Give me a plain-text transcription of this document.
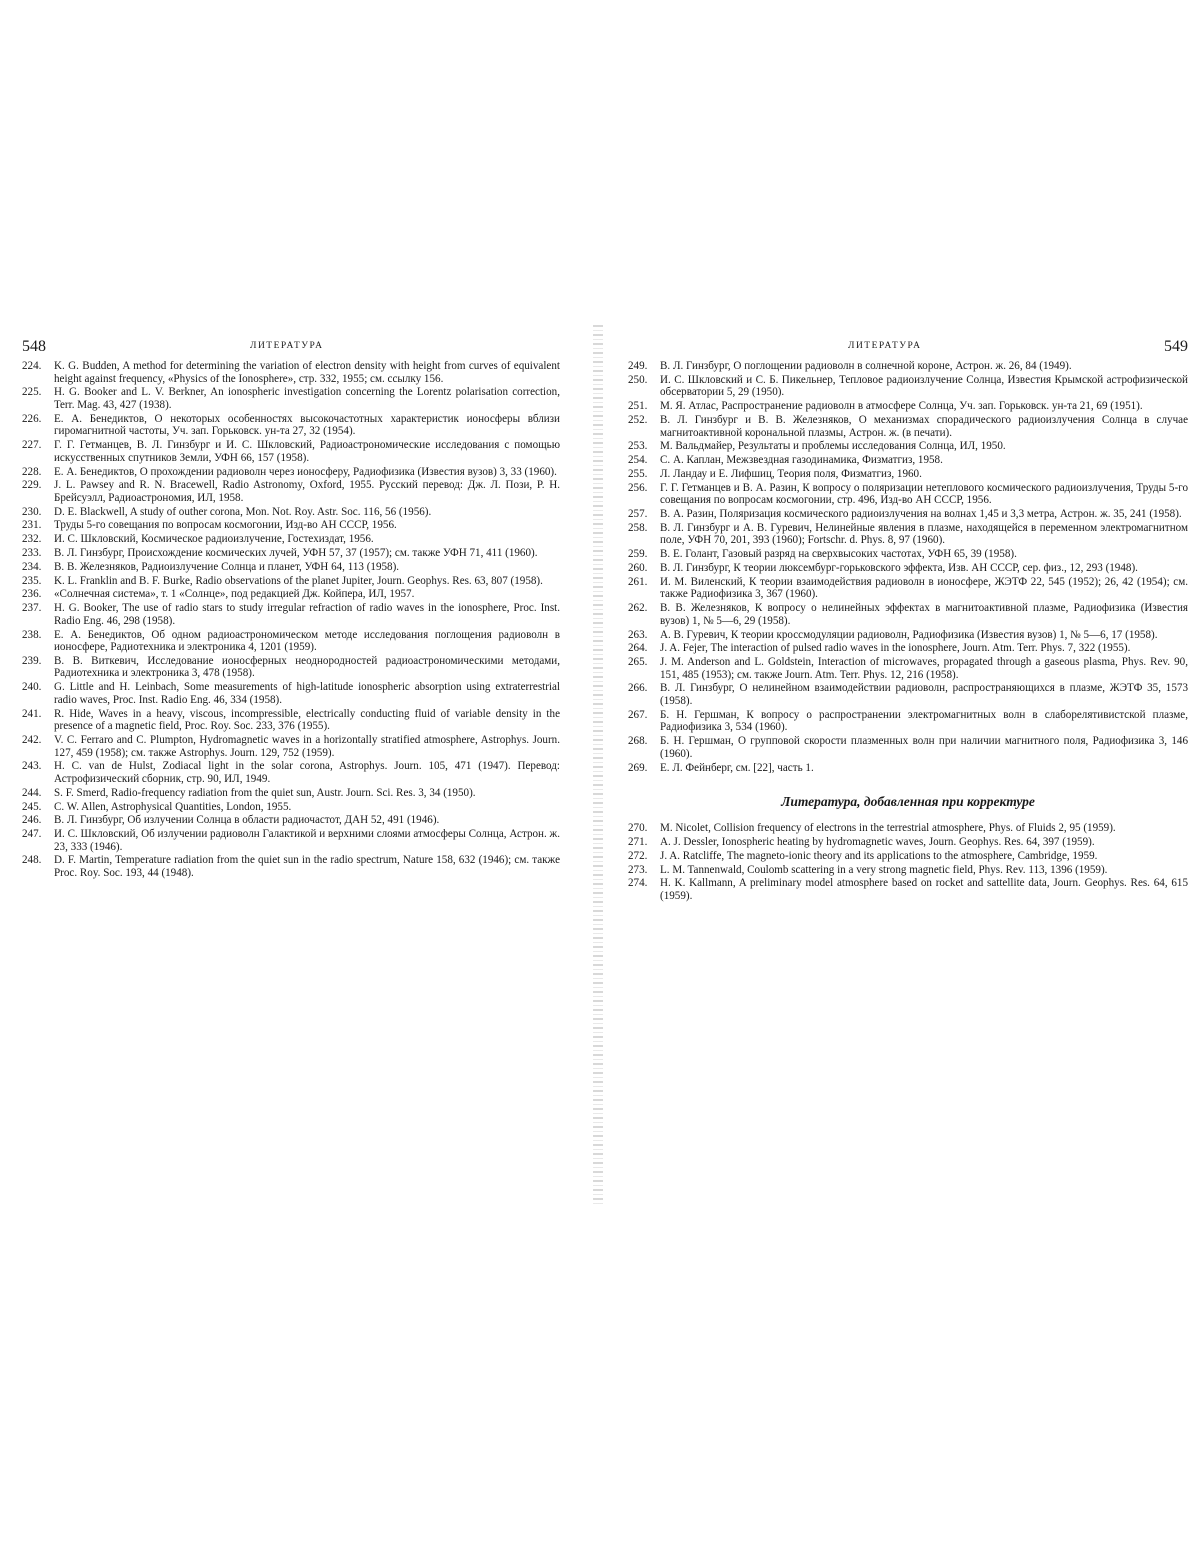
548	ЛИТЕРАТУРА
224.	K. G. Budden, A method for determining the variation of electron density with height from curves of equivalent height against frequency, «Physics of the Ionosphere», стр. 332, 1955; см. ссылку 156.
225.	H. G. Booker and L. V. Berkner, An ionospheric investigation concerning the Lorentz polarisation correction, Terr. Mag. 43, 427 (1938).
226.	Е. А. Бенедиктов, О некоторых особенностях высокочастотных характеристик ионосферы вблизи гиромагнитной частоты, Уч. зап. Горьковск. ун-та 27, 32 (1954).
227.	Г. Г. Гетманцев, В. Л. Гинзбург и И. С. Шкловский, Радиоастрономические исследования с помощью искусственных спутников Земли, УФН 66, 157 (1958).
228.	Е. А. Бенедиктов, О прохождении радиоволн через ионосферу, Радиофизика (Известия вузов) 3, 33 (1960).
229.	J. L. Pawsey and R. N. Bracewell, Radio Astronomy, Oxford, 1955. Русский перевод: Дж. Л. Пози, Р. Н. Брейсуэлл, Радиоастрономия, ИЛ, 1958.
230.	D. E. Blackwell, A study of outher corona, Mon. Not. Roy. Astr. Soc. 116, 56 (1956).
231.	Труды 5-го совещания по вопросам космогонии, Изд-во АН СССР, 1956.
232.	И. С. Шкловский, Космическое радиоизлучение, Гостехиздат, 1956.
233.	В. Л. Гинзбург, Происхождение космических лучей, УФН 57, 37 (1957); см. также УФН 71, 411 (1960).
234.	В. В. Железняков, Радиоизлучение Солнца и планет, УФН 64, 113 (1958).
235.	K. L. Franklin and B. F. Burke, Radio observations of the planet Jupiter, Journ. Geophys. Res. 63, 807 (1958).
236.	«Солнечная система», т. 1 «Солнце», под редакцией Дж. Койпера, ИЛ, 1957.
237.	H. G. Booker, The use of radio stars to study irregular refraction of radio waves in the ionosphere, Proc. Inst. Radio Eng. 46, 298 (1958).
238.	Е. А. Бенедиктов, Об одном радиоастрономическом методе исследования поглощения радиоволн в ионосфере, Радиотехника и электроника 4, 1201 (1959).
239.	В. В. Виткевич, Исследование ионосферных неоднородностей радиоастрономическими методами, Радиотехника и электроника 3, 478 (1958).
240.	G. Little and H. Leinbach, Some measurements of high-latitude ionospheric absorption using extraterrestrial radio waves, Proc. Inst. Radio Eng. 46, 334 (1958).
241.	R. Hide, Waves in a heavy, viscous, incompressible, electrically conducting fluid of variable density in the presence of a magnetic field, Proc. Roy. Soc. 233, 376 (1955).
242.	V. C. Ferraro and C. Plumpton, Hydromagnetic waves in a horizontally stratified atmosphere, Astrophys. Journ. 127, 459 (1958); см. также Astrophys. Journ. 129, 752 (1959).
243.	H. C. van de Hulst, Zodiacal light in the solar corona, Astrophys. Journ. 105, 471 (1947). Перевод: Астрофизический сборник, стр. 90, ИЛ, 1949.
244.	S. F. Smerd, Radio-frequency radiation from the quiet sun, Austr. Journ. Sci. Res. 3, 34 (1950).
245.	C. W. Allen, Astrophysical Quantities, London, 1955.
246.	В. Л. Гинзбург, Об излучении Солнца в области радиочастот, ДАН 52, 491 (1946).
247.	И. С. Шкловский, Об излучении радиоволн Галактикой и верхними слоями атмосферы Солнца, Астрон. ж. 23, 333 (1946).
248.	D. F. Martin, Temperature radiation from the quiet sun in the radio spectrum, Nature 158, 632 (1946); см. также Proc. Roy. Soc. 193, 44 (1948).
ЛИТЕРАТУРА	549
249.	В. Л. Гинзбург, О поглощении радиоволн в солнечной короне, Астрон. ж. 26, 84 (1949).
250.	И. С. Шкловский и С. Б. Пикельнер, Тепловое радиоизлучение Солнца, Известия Крымской астрофизической обсерватории 5, 29 (1950).
251.	М. Я. Атлас, Распространение радиоволн в атмосфере Солнца, Уч. зап. Горьковск. ун-та 21, 69 (1951).
252.	В. Л. Гинзбург и В. В. Железняков, О механизмах спорадического радиоизлучения Солнца в случае магнитоактивной корональной плазмы, Астрон. ж. (в печати).
253.	М. Вальдмайер, Результаты и проблемы исследования Солнца, ИЛ, 1950.
254.	С. А. Каплан, Межзвездная газодинамика, Физматгиз, 1958.
255.	Л. Ландау и Е. Лифшиц, Теория поля, Физматгиз, 1960.
256.	Г. Г. Гетманцев и В. А. Разин, К вопросу о поляризации нетеплового космического радиоизлучения, Труды 5-го совещания по вопросам космогонии, стр. 496, Изд-во АН СССР, 1956.
257.	В. А. Разин, Поляризация космического радиоизлучения на волнах 1,45 и 3,3 метра, Астрон. ж. 35, 241 (1958).
258.	В. Л. Гинзбург и А. В. Гуревич, Нелинейные явления в плазме, находящейся в переменном электромагнитном поле, УФН 70, 201, 393 (1960); Fortschr. d. Phys. 8, 97 (1960).
259.	В. Е. Голант, Газовый разряд на сверхвысоких частотах, УФН 65, 39 (1958).
260.	В. Л. Гинзбург, К теории люксембург-горьковского эффекта, Изв. АН СССР, сер. физ., 12, 293 (1948).
261.	И. М. Виленский, К теории взаимодействия радиоволн в ионосфере, ЖЭТФ 22, 545 (1952); 26, 42 (1954); см. также Радиофизика 3, 367 (1960).
262.	В. В. Железняков, К вопросу о нелинейных эффектах в магнитоактивной плазме, Радиофизика (Известия вузов) 1, № 5—6, 29 (1958).
263.	А. В. Гуревич, К теории кроссмодуляции радиоволн, Радиофизика (Известия вузов) 1, № 5—6, 17 (1958).
264.	J. A. Fejer, The interaction of pulsed radio waves in the ionosphere, Journ. Atm. Terr. Phys. 7, 322 (1955).
265.	J. M. Anderson and L. Goldstein, Interaction of microwaves, propagated through a gaseous plasma, Phys. Rev. 90, 151, 485 (1953); см. также Journ. Atm. Terr. Phys. 12, 216 (1958).
266.	В. Л. Гинзбург, О нелинейном взаимодействии радиоволн, распространяющихся в плазме, ЖЭТФ 35, 1573 (1958).
267.	Б. Н. Гершман, К вопросу о распространении электромагнитных волн в слаборелятивистской плазме, Радиофизика 3, 534 (1960).
268.	Б. Н. Гершман, О групповой скорости плазменных волн при наличии магнитного поля, Радиофизика 3, 146 (1960).
269.	Е. Л. Фейнберг, см. [22], часть 1.
Литература, добавленная при корректуре
270.	M. Nicolet, Collision frequency of electrons in the terrestrial atmosphere, Phys. of Fluids 2, 95 (1959).
271.	A. J. Dessler, Ionospheric heating by hydromagnetic waves, Journ. Geophys. Res. 64, 397 (1959).
272.	J. A. Ratcliffe, The magneto-ionic theory and its applications to the atmosphere, Cambridge, 1959.
273.	L. M. Tannenwald, Coulomb scattering in a very strong magnetic field, Phys. Rev. 113, 1396 (1959).
274.	H. K. Kallmann, A preliminary model atmosphere based on rocket and sattellite data, Journ. Geophys. Res. 64, 615 (1959).
